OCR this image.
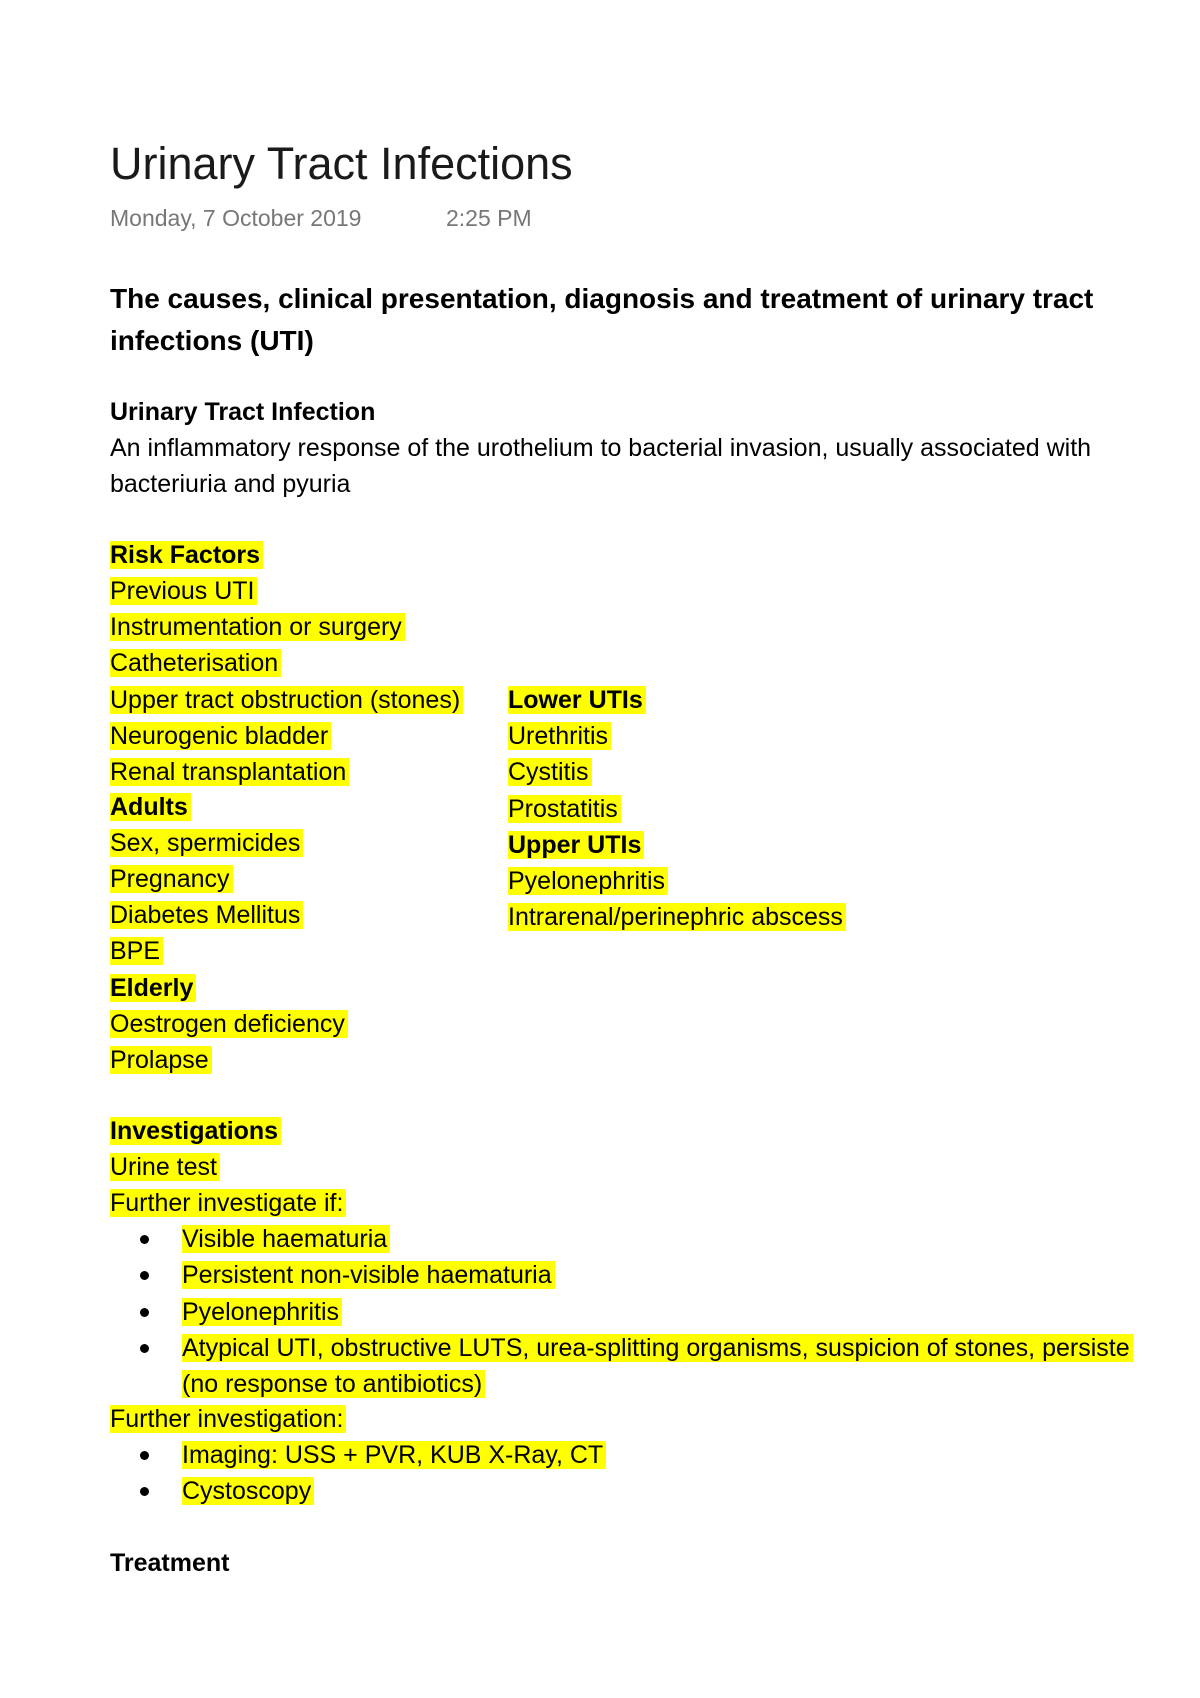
Urinary Tract Infections
Monday, 7 October 2019	2:25 PM
The causes, clinical presentation, diagnosis and treatment of urinary tract infections (UTI)
Urinary Tract Infection
An inflammatory response of the urothelium to bacterial invasion, usually associated with
bacteriuria and pyuria
Risk Factors
Previous UTI
Instrumentation or surgery
Catheterisation
Upper tract obstruction (stones)
Neurogenic bladder
Renal transplantation
Adults
Sex, spermicides
Pregnancy
Diabetes Mellitus
BPE
Elderly
Oestrogen deficiency
Prolapse
Lower UTIs
Urethritis
Cystitis
Prostatitis
Upper UTIs
Pyelonephritis
Intrarenal/perinephric abscess
Investigations
Urine test
Further investigate if:
Visible haematuria
Persistent non-visible haematuria
Pyelonephritis
Atypical UTI, obstructive LUTS, urea-splitting organisms, suspicion of stones, persiste
(no response to antibiotics)
Further investigation:
Imaging: USS + PVR, KUB X-Ray, CT
Cystoscopy
Treatment
